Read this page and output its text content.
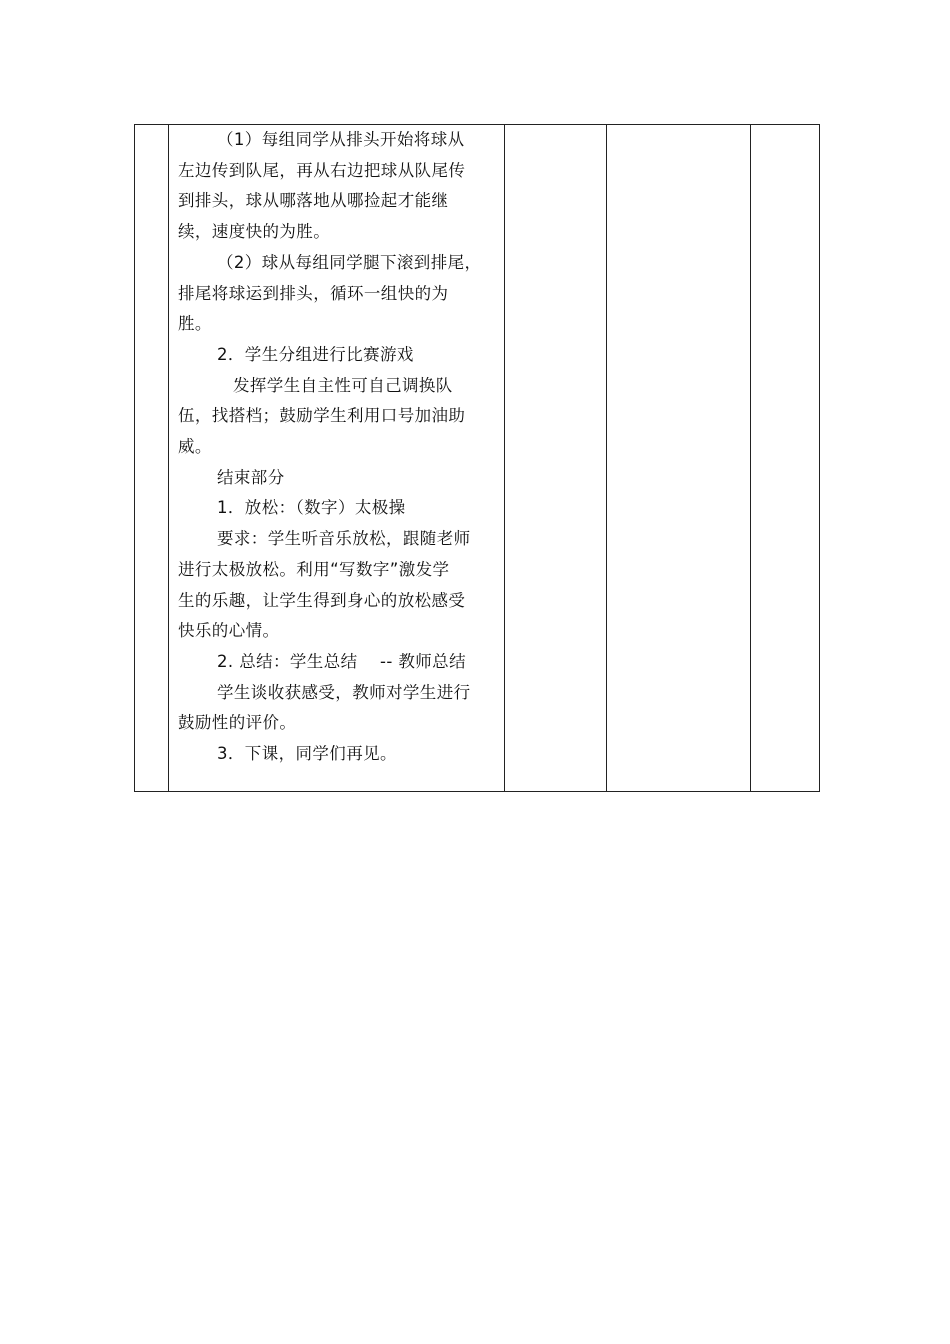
（1）每组同学从排头开始将球从
左边传到队尾，再从右边把球从队尾传
到排头，球从哪落地从哪捡起才能继
续，速度快的为胜。
（2）球从每组同学腿下滚到排尾，
排尾将球运到排头，循环一组快的为
胜。
2．学生分组进行比赛游戏
发挥学生自主性可自己调换队
伍，找搭档；鼓励学生利用口号加油助
威。
结束部分
1．放松：（数字）太极操
要求：学生听音乐放松，跟随老师
进行太极放松。利用“写数字”激发学
生的乐趣，让学生得到身心的放松感受
快乐的心情。
2. 总结：学生总结　 -- 教师总结
学生谈收获感受，教师对学生进行
鼓励性的评价。
3．下课，同学们再见。
